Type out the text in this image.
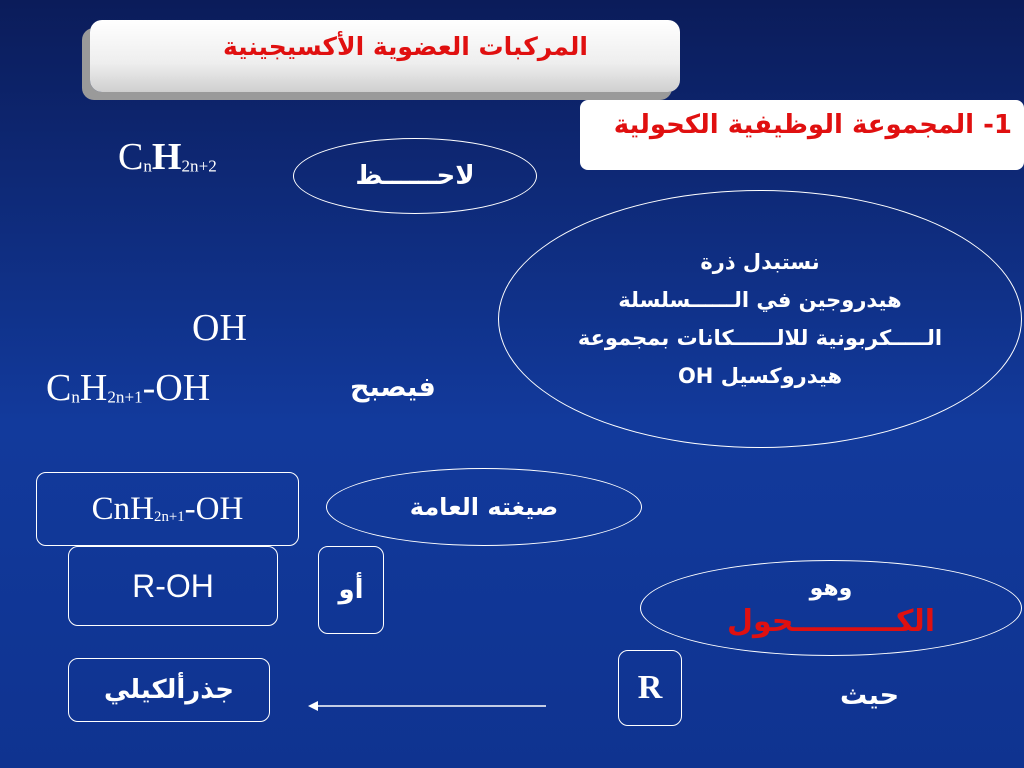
المركبات العضوية الأكسيجينية
1- المجموعة الوظيفية الكحولية
$C_nH_{2n+2}$	لاحــــــظ
نستبدل ذرة
هيدروجين في الــــــسلسلة
الـــــكربونية للالــــــكانات بمجموعة
هيدروكسيل OH
OH
$C_nH_{2n+1}-OH$	فيصبح
CnH$_{2n+1}$-OH	صيغته العامة
R-OH	أو	وهو
الكــــــــــحول
جذرألكيلي	R	حيث
